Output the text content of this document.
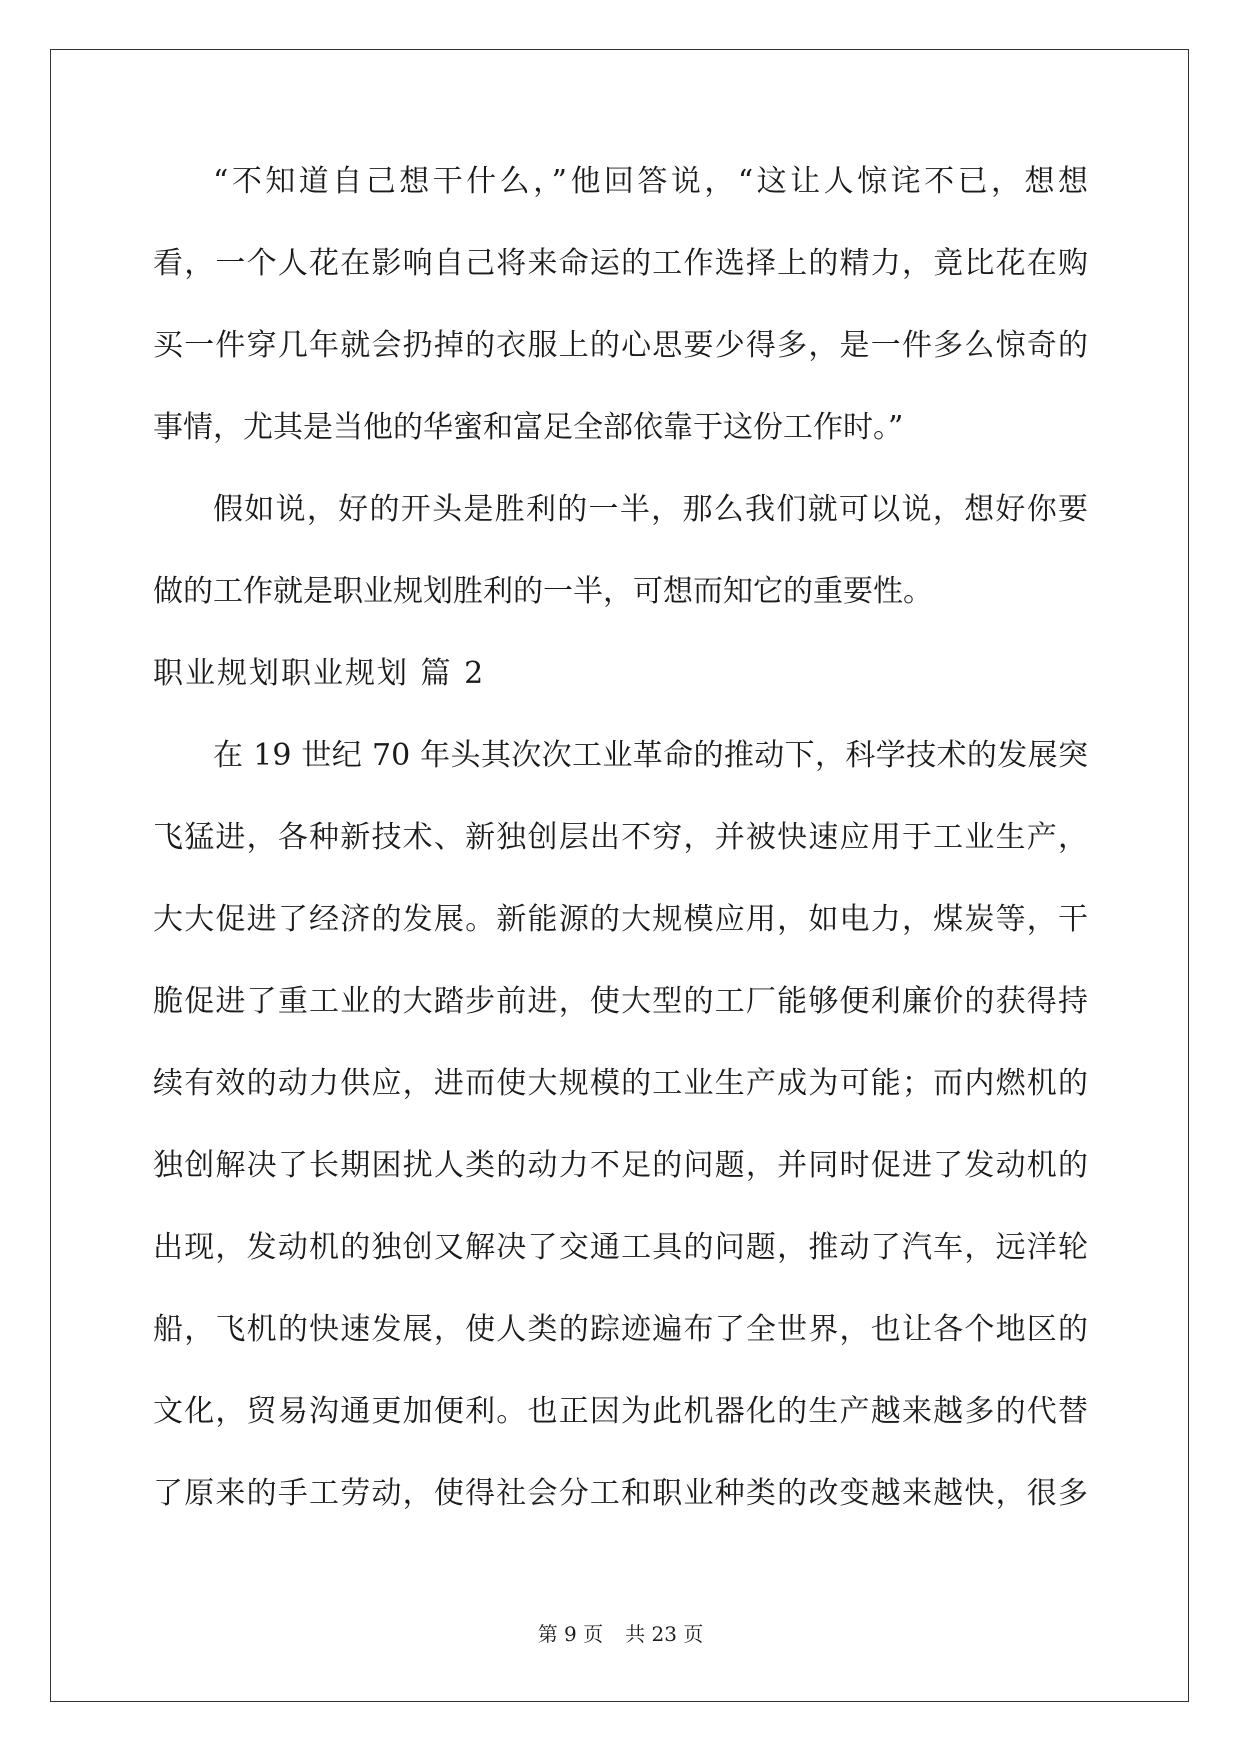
“不知道自己想干什么，”他回答说，“这让人惊诧不已，想想
看，一个人花在影响自己将来命运的工作选择上的精力，竟比花在购
买一件穿几年就会扔掉的衣服上的心思要少得多，是一件多么惊奇的
事情，尤其是当他的华蜜和富足全部依靠于这份工作时。”
假如说，好的开头是胜利的一半，那么我们就可以说，想好你要
做的工作就是职业规划胜利的一半，可想而知它的重要性。
职业规划职业规划 篇 2
在 19 世纪 70 年头其次次工业革命的推动下，科学技术的发展突
飞猛进，各种新技术、新独创层出不穷，并被快速应用于工业生产，
大大促进了经济的发展。新能源的大规模应用，如电力，煤炭等，干
脆促进了重工业的大踏步前进，使大型的工厂能够便利廉价的获得持
续有效的动力供应，进而使大规模的工业生产成为可能；而内燃机的
独创解决了长期困扰人类的动力不足的问题，并同时促进了发动机的
出现，发动机的独创又解决了交通工具的问题，推动了汽车，远洋轮
船，飞机的快速发展，使人类的踪迹遍布了全世界，也让各个地区的
文化，贸易沟通更加便利。也正因为此机器化的生产越来越多的代替
了原来的手工劳动，使得社会分工和职业种类的改变越来越快，很多
第 9 页 共 23 页
